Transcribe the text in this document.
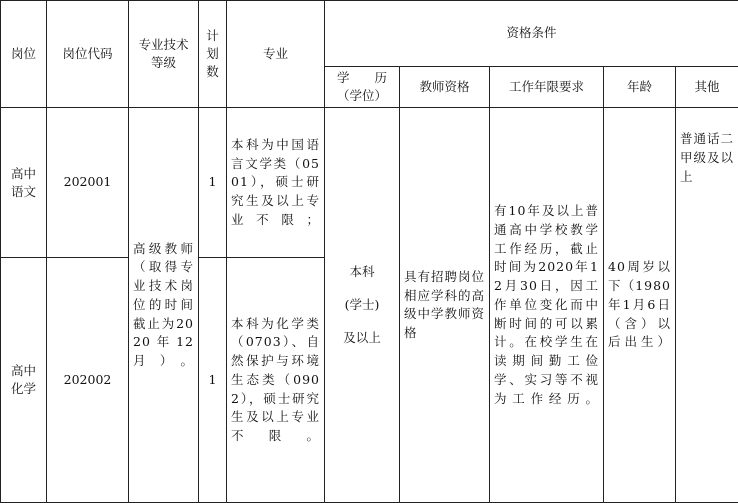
岗位	岗位代码	专业技术等级	计划数	专业	资格条件				
					学　　历（学位）	教师资格	工作年限要求	年龄	其他
高中语文	202001	高级教师（取得专业技术岗位的时间截止为2020年12月）。	1	本科为中国语言文学类（0501），硕士研究生及以上专业不限；	本科
(学士)
及以上	具有招聘岗位相应学科的高级中学教师资格	有10年及以上普通高中学校教学工作经历，截止时间为2020年12月30日，因工作单位变化而中断时间的可以累计。在校学生在读期间勤工俭学、实习等不视为工作经历。	40周岁以下（1980年1月6日（含）以后出生）	普通话二甲级及以上
高中化学	202002		1	本科为化学类（0703）、自然保护与环境生态类（0902），硕士研究生及以上专业不限。					
